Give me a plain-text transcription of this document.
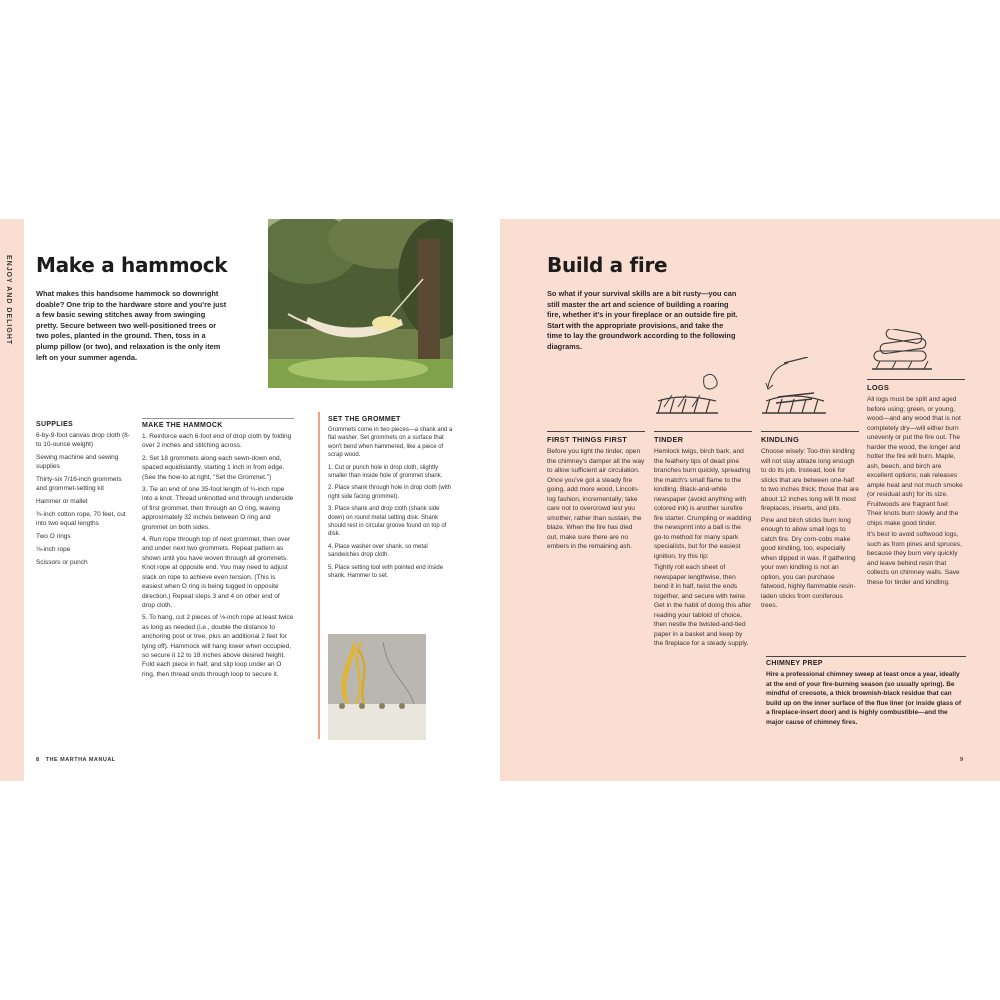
ENJOY AND DELIGHT Make a hammock

What makes this handsome hammock so downright doable? One trip to the hardware store and you're just a few basic sewing stitches away from swinging pretty. Secure between two well-positioned trees or two poles, planted in the ground. Then, toss in a plump pillow (or two), and relaxation is the only item left on your summer agenda.

SUPPLIES
6-by-9-foot canvas drop cloth (8- to 10-ounce weight)
Sewing machine and sewing supplies
Thirty-six 7/16-inch grommets and grommet-setting kit
Hammer or mallet
¾-inch cotton rope, 70 feet, cut into two equal lengths
Two O rings
⅛-inch rope
Scissors or punch
MAKE THE HAMMOCK

1. Reinforce each 6-foot end of drop cloth by folding over 2 inches and stitching across.

2. Set 18 grommets along each sewn-down end, spaced equidistantly, starting 1 inch in from edge. (See the how-to at right, "Set the Grommet.")

3. Tie an end of one 35-foot length of ¾-inch rope into a knot. Thread unknotted end through underside of first grommet, then through an O ring, leaving approximately 32 inches between O ring and grommet on both sides.

4. Run rope through top of next grommet, then over and under next two grommets. Repeat pattern as shown until you have woven through all grommets. Knot rope at opposite end. You may need to adjust slack on rope to achieve even tension. (This is easiest when O ring is being tugged in opposite direction.) Repeat steps 3 and 4 on other end of drop cloth.

5. To hang, cut 2 pieces of ⅛-inch rope at least twice as long as needed (i.e., double the distance to anchoring post or tree, plus an additional 2 feet for tying off). Hammock will hang lower when occupied, so secure it 12 to 18 inches above desired height. Fold each piece in half, and slip loop under an O ring, then thread ends through loop to secure it.

SET THE GROMMET

Grommets come in two pieces—a shank and a flat washer. Set grommets on a surface that won't bend when hammered, like a piece of scrap wood.

1. Cut or punch hole in drop cloth, slightly smaller than inside hole of grommet shank.

2. Place shank through hole in drop cloth (with right side facing grommet).

3. Place shank and drop cloth (shank side down) on round metal setting disk. Shank should rest in circular groove found on top of disk.

4. Place washer over shank, so metal sandwiches drop cloth.

5. Place setting tool with pointed end inside shank. Hammer to set.

8 THE MARTHA MANUAL
Build a fire

So what if your survival skills are a bit rusty—you can still master the art and science of building a roaring fire, whether it's in your fireplace or an outside fire pit. Start with the appropriate provisions, and take the time to lay the groundwork according to the following diagrams.

FIRST THINGS FIRST

Before you light the tinder, open the chimney's damper all the way to allow sufficient air circulation. Once you've got a steady fire going, add more wood, Lincoln-log fashion, incrementally; take care not to overcrowd lest you smother, rather than sustain, the blaze. When the fire has died out, make sure there are no embers in the remaining ash.

TINDER

Hemlock twigs, birch bark, and the feathery tips of dead pine branches burn quickly, spreading the match's small flame to the kindling. Black-and-white newspaper (avoid anything with colored ink) is another surefire fire starter. Crumpling or wadding the newsprint into a ball is the go-to method for many spark specialists, but for the easiest ignition, try this tip:

Tightly roll each sheet of newspaper lengthwise, then bend it in half, twist the ends together, and secure with twine. Get in the habit of doing this after reading your tabloid of choice, then nestle the twisted-and-tied paper in a basket and keep by the fireplace for a steady supply.

KINDLING

Choose wisely: Too-thin kindling will not stay ablaze long enough to do its job. Instead, look for sticks that are between one-half to two inches thick; those that are about 12 inches long will fit most fireplaces, inserts, and pits.

Pine and birch sticks burn long enough to allow small logs to catch fire. Dry corn-cobs make good kindling, too, especially when dipped in wax. If gathering your own kindling is not an option, you can purchase fatwood, highly flammable resin-laden sticks from coniferous trees.

LOGS

All logs must be split and aged before using; green, or young, wood—and any wood that is not completely dry—will either burn unevenly or put the fire out. The harder the wood, the longer and hotter the fire will burn. Maple, ash, beech, and birch are excellent options; oak releases ample heat and not much smoke (or residual ash) for its size. Fruitwoods are fragrant fuel: Their knots burn slowly and the chips make good tinder.

It's best to avoid softwood logs, such as from pines and spruces, because they burn very quickly and leave behind resin that collects on chimney walls. Save these for tinder and kindling.

CHIMNEY PREP

Hire a professional chimney sweep at least once a year, ideally at the end of your fire-burning season (so usually spring). Be mindful of creosote, a thick brownish-black residue that can build up on the inner surface of the flue liner (or inside glass of a fireplace-insert door) and is highly combustible—and the major cause of chimney fires.

9
